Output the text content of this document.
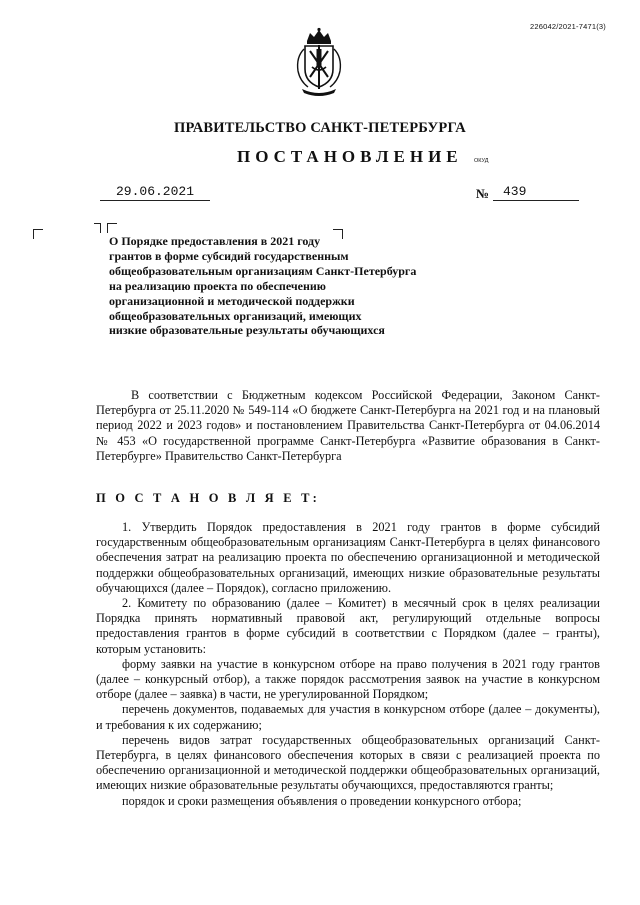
226042/2021-7471(3)
ПРАВИТЕЛЬСТВО САНКТ-ПЕТЕРБУРГА
ПОСТАНОВЛЕНИЕ ОКУД
29.06.2021	№	439
О Порядке предоставления в 2021 году
грантов в форме субсидий государственным
общеобразовательным организациям Санкт-Петербурга
на реализацию проекта по обеспечению
организационной и методической поддержки
общеобразовательных организаций, имеющих
низкие образовательные результаты обучающихся
В соответствии с Бюджетным кодексом Российской Федерации, Законом Санкт-Петербурга от 25.11.2020 № 549-114 «О бюджете Санкт-Петербурга на 2021 год и на плановый период 2022 и 2023 годов» и постановлением Правительства Санкт-Петербурга от 04.06.2014 № 453 «О государственной программе Санкт-Петербурга «Развитие образования в Санкт-Петербурге» Правительство Санкт-Петербурга
П О С Т А Н О В Л Я Е Т:

1. Утвердить Порядок предоставления в 2021 году грантов в форме субсидий государственным общеобразовательным организациям Санкт-Петербурга в целях финансового обеспечения затрат на реализацию проекта по обеспечению организационной и методической поддержки общеобразовательных организаций, имеющих низкие образовательные результаты обучающихся (далее – Порядок), согласно приложению.

2. Комитету по образованию (далее – Комитет) в месячный срок в целях реализации Порядка принять нормативный правовой акт, регулирующий отдельные вопросы предоставления грантов в форме субсидий в соответствии с Порядком (далее – гранты), которым установить:

форму заявки на участие в конкурсном отборе на право получения в 2021 году грантов (далее – конкурсный отбор), а также порядок рассмотрения заявок на участие в конкурсном отборе (далее – заявка) в части, не урегулированной Порядком;

перечень документов, подаваемых для участия в конкурсном отборе (далее – документы), и требования к их содержанию;

перечень видов затрат государственных общеобразовательных организаций Санкт-Петербурга, в целях финансового обеспечения которых в связи с реализацией проекта по обеспечению организационной и методической поддержки общеобразовательных организаций, имеющих низкие образовательные результаты обучающихся, предоставляются гранты;

порядок и сроки размещения объявления о проведении конкурсного отбора;
